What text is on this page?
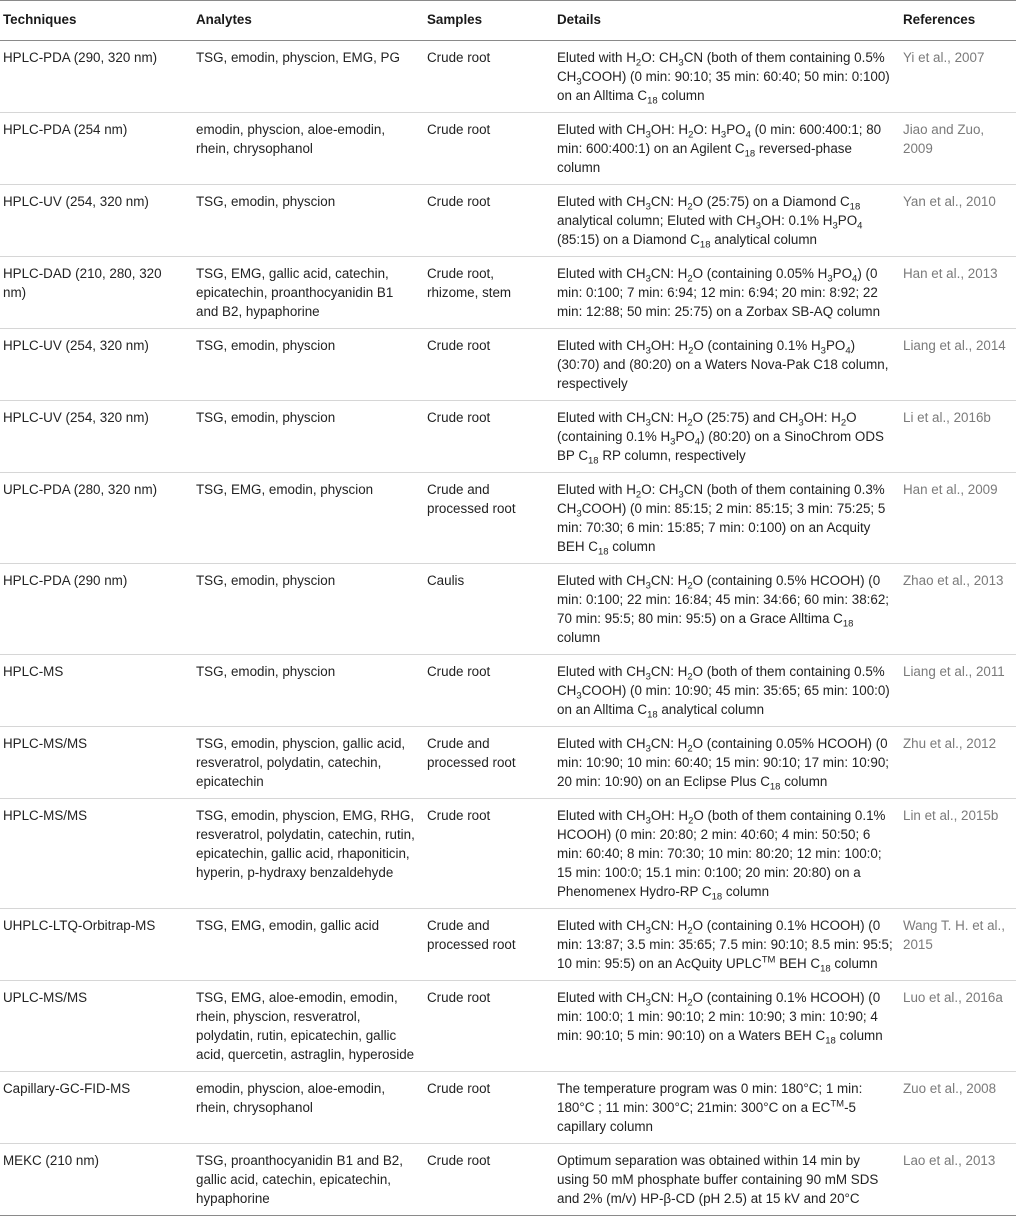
Techniques	Analytes	Samples	Details	References
HPLC-PDA (290, 320 nm)	TSG, emodin, physcion, EMG, PG	Crude root	Eluted with $H_2O$: $CH_3CN$ (both of them containing 0.5% $CH_3COOH$) (0 min: 90:10; 35 min: 60:40; 50 min: 0:100) on an Alltima $C_{18}$ column	Yi et al., 2007
HPLC-PDA (254 nm)	emodin, physcion, aloe-emodin, rhein, chrysophanol	Crude root	Eluted with $CH_3OH$: $H_2O$: $H_3PO_4$ (0 min: 600:400:1; 80 min: 600:400:1) on an Agilent $C_{18}$ reversed-phase column	Jiao and Zuo, 2009
HPLC-UV (254, 320 nm)	TSG, emodin, physcion	Crude root	Eluted with $CH_3CN$: $H_2O$ (25:75) on a Diamond $C_{18}$ analytical column; Eluted with $CH_3OH$: 0.1% $H_3PO_4$ (85:15) on a Diamond $C_{18}$ analytical column	Yan et al., 2010
HPLC-DAD (210, 280, 320 nm)	TSG, EMG, gallic acid, catechin, epicatechin, proanthocyanidin B1 and B2, hypaphorine	Crude root, rhizome, stem	Eluted with $CH_3CN$: $H_2O$ (containing 0.05% $H_3PO_4$) (0 min: 0:100; 7 min: 6:94; 12 min: 6:94; 20 min: 8:92; 22 min: 12:88; 50 min: 25:75) on a Zorbax SB-AQ column	Han et al., 2013
HPLC-UV (254, 320 nm)	TSG, emodin, physcion	Crude root	Eluted with $CH_3OH$: $H_2O$ (containing 0.1% $H_3PO_4$) (30:70) and (80:20) on a Waters Nova-Pak C18 column, respectively	Liang et al., 2014
HPLC-UV (254, 320 nm)	TSG, emodin, physcion	Crude root	Eluted with $CH_3CN$: $H_2O$ (25:75) and $CH_3OH$: $H_2O$ (containing 0.1% $H_3PO_4$) (80:20) on a SinoChrom ODS BP $C_{18}$ RP column, respectively	Li et al., 2016b
UPLC-PDA (280, 320 nm)	TSG, EMG, emodin, physcion	Crude and processed root	Eluted with $H_2O$: $CH_3CN$ (both of them containing 0.3% $CH_3COOH$) (0 min: 85:15; 2 min: 85:15; 3 min: 75:25; 5 min: 70:30; 6 min: 15:85; 7 min: 0:100) on an Acquity BEH $C_{18}$ column	Han et al., 2009
HPLC-PDA (290 nm)	TSG, emodin, physcion	Caulis	Eluted with $CH_3CN$: $H_2O$ (containing 0.5% HCOOH) (0 min: 0:100; 22 min: 16:84; 45 min: 34:66; 60 min: 38:62; 70 min: 95:5; 80 min: 95:5) on a Grace Alltima $C_{18}$ column	Zhao et al., 2013
HPLC-MS	TSG, emodin, physcion	Crude root	Eluted with $CH_3CN$: $H_2O$ (both of them containing 0.5% $CH_3COOH$) (0 min: 10:90; 45 min: 35:65; 65 min: 100:0) on an Alltima $C_{18}$ analytical column	Liang et al., 2011
HPLC-MS/MS	TSG, emodin, physcion, gallic acid, resveratrol, polydatin, catechin, epicatechin	Crude and processed root	Eluted with $CH_3CN$: $H_2O$ (containing 0.05% HCOOH) (0 min: 10:90; 10 min: 60:40; 15 min: 90:10; 17 min: 10:90; 20 min: 10:90) on an Eclipse Plus $C_{18}$ column	Zhu et al., 2012
HPLC-MS/MS	TSG, emodin, physcion, EMG, RHG, resveratrol, polydatin, catechin, rutin, epicatechin, gallic acid, rhaponiticin, hyperin, p-hydraxy benzaldehyde	Crude root	Eluted with $CH_3OH$: $H_2O$ (both of them containing 0.1% HCOOH) (0 min: 20:80; 2 min: 40:60; 4 min: 50:50; 6 min: 60:40; 8 min: 70:30; 10 min: 80:20; 12 min: 100:0; 15 min: 100:0; 15.1 min: 0:100; 20 min: 20:80) on a Phenomenex Hydro-RP $C_{18}$ column	Lin et al., 2015b
UHPLC-LTQ-Orbitrap-MS	TSG, EMG, emodin, gallic acid	Crude and processed root	Eluted with $CH_3CN$: $H_2O$ (containing 0.1% HCOOH) (0 min: 13:87; 3.5 min: 35:65; 7.5 min: 90:10; 8.5 min: 95:5; 10 min: 95:5) on an AcQuity UPLC™ BEH $C_{18}$ column	Wang T. H. et al., 2015
UPLC-MS/MS	TSG, EMG, aloe-emodin, emodin, rhein, physcion, resveratrol, polydatin, rutin, epicatechin, gallic acid, quercetin, astraglin, hyperoside	Crude root	Eluted with $CH_3CN$: $H_2O$ (containing 0.1% HCOOH) (0 min: 100:0; 1 min: 90:10; 2 min: 10:90; 3 min: 10:90; 4 min: 90:10; 5 min: 90:10) on a Waters BEH $C_{18}$ column	Luo et al., 2016a
Capillary-GC-FID-MS	emodin, physcion, aloe-emodin, rhein, chrysophanol	Crude root	The temperature program was 0 min: 180°C; 1 min: 180°C ; 11 min: 300°C; 21min: 300°C on a EC™-5 capillary column	Zuo et al., 2008
MEKC (210 nm)	TSG, proanthocyanidin B1 and B2, gallic acid, catechin, epicatechin, hypaphorine	Crude root	Optimum separation was obtained within 14 min by using 50 mM phosphate buffer containing 90 mM SDS and 2% (m/v) HP-β-CD (pH 2.5) at 15 kV and 20°C	Lao et al., 2013
